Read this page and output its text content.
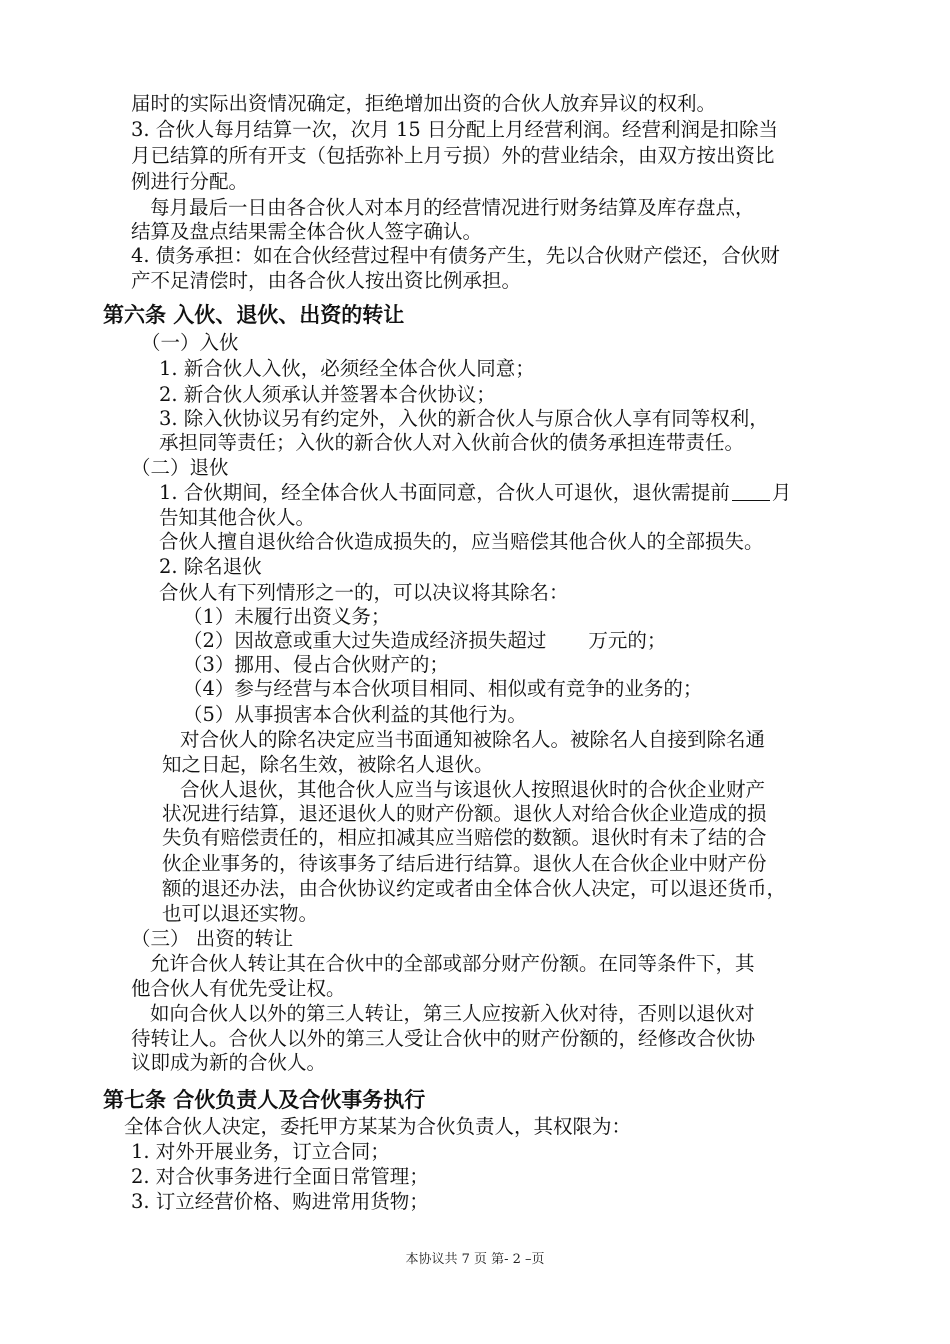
届时的实际出资情况确定，拒绝增加出资的合伙人放弃异议的权利。
3. 合伙人每月结算一次，次月 15 日分配上月经营利润。经营利润是扣除当
月已结算的所有开支（包括弥补上月亏损）外的营业结余，由双方按出资比
例进行分配。
每月最后一日由各合伙人对本月的经营情况进行财务结算及库存盘点，
结算及盘点结果需全体合伙人签字确认。
4. 债务承担：如在合伙经营过程中有债务产生，先以合伙财产偿还，合伙财
产不足清偿时，由各合伙人按出资比例承担。
第六条 入伙、退伙、出资的转让
（一）入伙
1. 新合伙人入伙，必须经全体合伙人同意；
2. 新合伙人须承认并签署本合伙协议；
3. 除入伙协议另有约定外，入伙的新合伙人与原合伙人享有同等权利，
承担同等责任；入伙的新合伙人对入伙前合伙的债务承担连带责任。
（二）退伙
1. 合伙期间，经全体合伙人书面同意，合伙人可退伙，退伙需提前 月
告知其他合伙人。
合伙人擅自退伙给合伙造成损失的，应当赔偿其他合伙人的全部损失。
2. 除名退伙
合伙人有下列情形之一的，可以决议将其除名：
（1）未履行出资义务；
（2）因故意或重大过失造成经济损失超过 万元的；
（3）挪用、侵占合伙财产的；
（4）参与经营与本合伙项目相同、相似或有竞争的业务的；
（5）从事损害本合伙利益的其他行为。
对合伙人的除名决定应当书面通知被除名人。被除名人自接到除名通
知之日起，除名生效，被除名人退伙。
合伙人退伙，其他合伙人应当与该退伙人按照退伙时的合伙企业财产
状况进行结算，退还退伙人的财产份额。退伙人对给合伙企业造成的损
失负有赔偿责任的，相应扣减其应当赔偿的数额。退伙时有未了结的合
伙企业事务的，待该事务了结后进行结算。退伙人在合伙企业中财产份
额的退还办法，由合伙协议约定或者由全体合伙人决定，可以退还货币，
也可以退还实物。
（三） 出资的转让
允许合伙人转让其在合伙中的全部或部分财产份额。在同等条件下，其
他合伙人有优先受让权。
如向合伙人以外的第三人转让，第三人应按新入伙对待，否则以退伙对
待转让人。合伙人以外的第三人受让合伙中的财产份额的，经修改合伙协
议即成为新的合伙人。
第七条 合伙负责人及合伙事务执行
全体合伙人决定，委托甲方某某为合伙负责人，其权限为：
1. 对外开展业务，订立合同；
2. 对合伙事务进行全面日常管理；
3. 订立经营价格、购进常用货物；
本协议共 7 页 第- 2 –页
